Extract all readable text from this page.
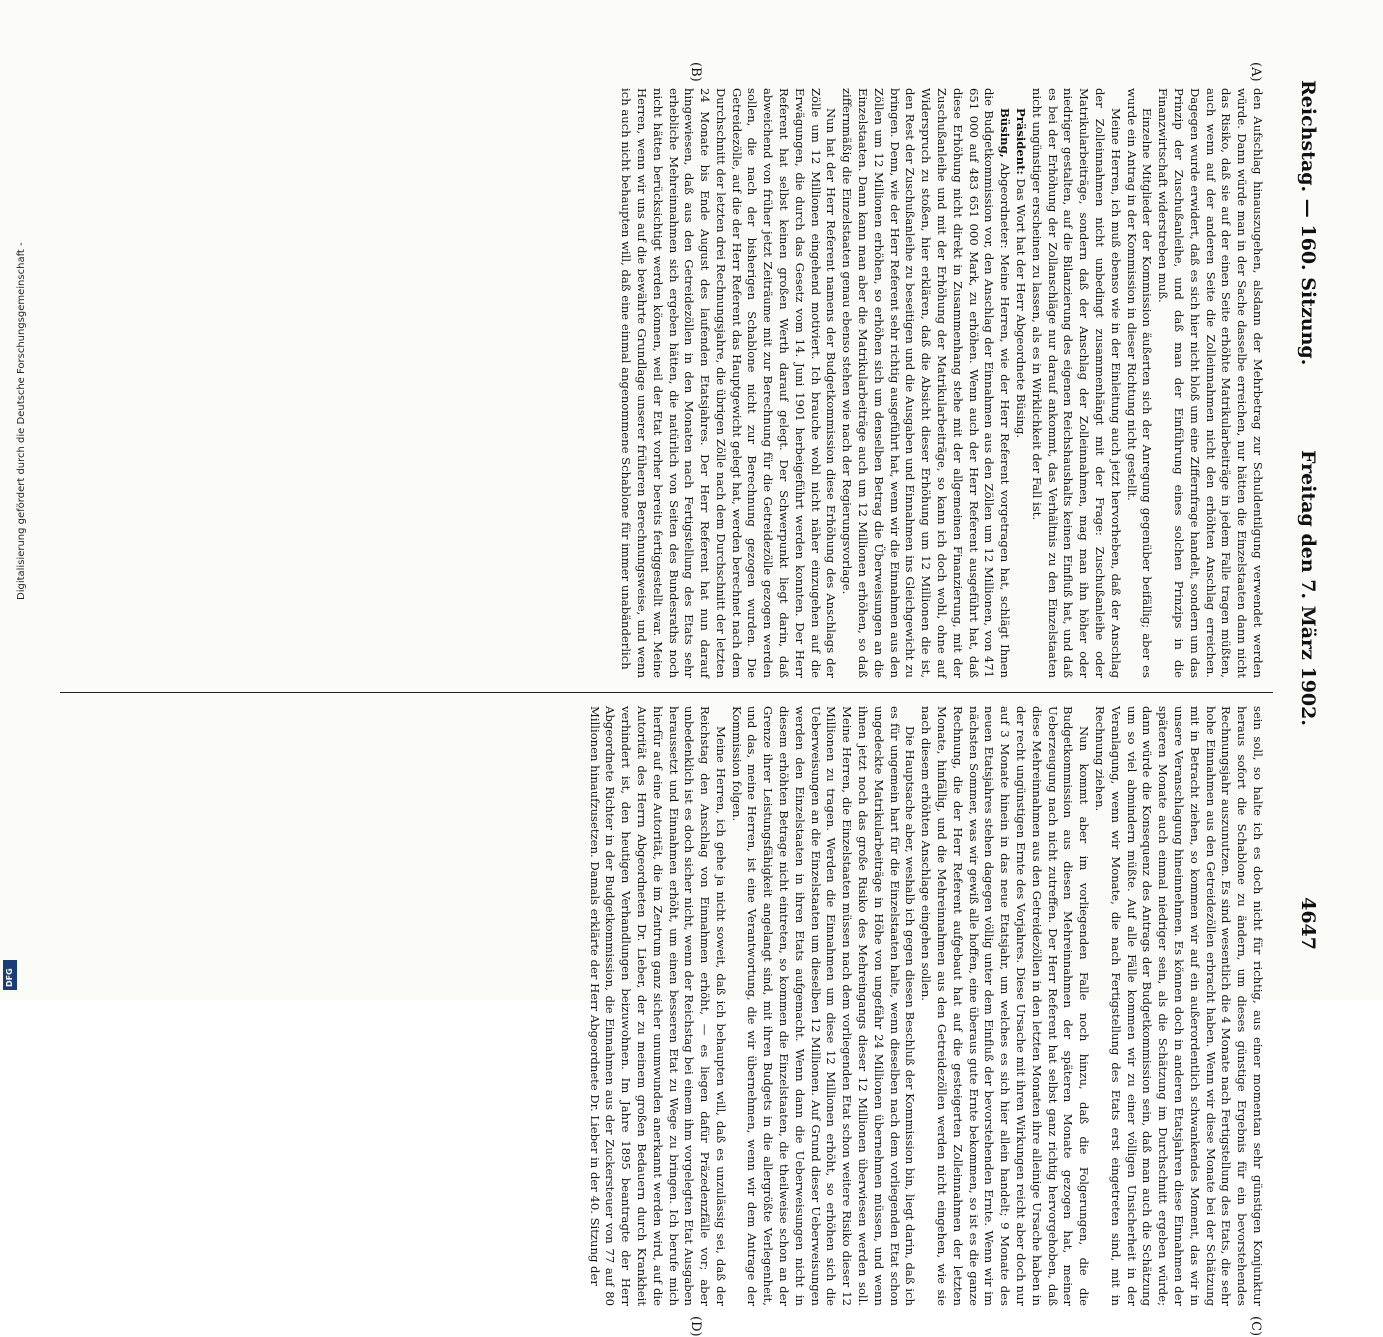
Digitalisierung gefördert durch die Deutsche Forschungsgemeinschaft -
DFG
Reichstag. — 160. Sitzung.
Freitag den 7. März 1902.
4647
(A)
(B)
(C)
(D)

den Aufschlag hinauszugehen, alsdann der Mehrbetrag zur Schuldentilgung verwendet werden würde. Dann würde man in der Sache dasselbe erreichen, nur hätten die Einzelstaaten dann nicht das Risiko, daß sie auf der einen Seite erhöhte Matrikularbeiträge in jedem Falle tragen müßten, auch wenn auf der anderen Seite die Zolleinnahmen nicht den erhöhten Anschlag erreichen. Dagegen wurde erwidert, daß es sich hier nicht bloß um eine Ziffernfrage handelt, sondern um das Prinzip der Zuschußanleihe, und daß man der Einführung eines solchen Prinzips in die Finanzwirtschaft widerstreben muß.

Einzelne Mitglieder der Kommission äußerten sich der Anregung gegenüber beifällig; aber es wurde ein Antrag in der Kommission in dieser Richtung nicht gestellt.

Meine Herren, ich muß ebenso wie in der Einleitung auch jetzt hervorheben, daß der Anschlag der Zolleinnahmen nicht unbedingt zusammenhängt mit der Frage: Zuschußanleihe oder Matrikularbeiträge, sondern daß der Anschlag der Zolleinnahmen, mag man ihn höher oder niedriger gestalten, auf die Bilanzierung des eigenen Reichshaushalts keinen Einfluß hat, und daß es bei der Erhöhung der Zollanschläge nur darauf ankommt, das Verhältnis zu den Einzelstaaten nicht ungünstiger erscheinen zu lassen, als es in Wirklichkeit der Fall ist.

Präsident: Das Wort hat der Herr Abgeordnete Büsing.

Büsing, Abgeordneter: Meine Herren, wie der Herr Referent vorgetragen hat, schlägt Ihnen die Budgetkommission vor, den Anschlag der Einnahmen aus den Zöllen um 12 Millionen, von 471 651 000 auf 483 651 000 Mark, zu erhöhen. Wenn auch der Herr Referent ausgeführt hat, daß diese Erhöhung nicht direkt in Zusammenhang stehe mit der allgemeinen Finanzierung, mit der Zuschußanleihe und mit der Erhöhung der Matrikularbeiträge, so kann ich doch wohl, ohne auf Widerspruch zu stoßen, hier erklären, daß die Absicht dieser Erhöhung um 12 Millionen die ist, den Rest der Zuschußanleihe zu beseitigen und die Ausgaben und Einnahmen ins Gleichgewicht zu bringen. Denn, wie der Herr Referent sehr richtig ausgeführt hat, wenn wir die Einnahmen aus den Zöllen um 12 Millionen erhöhen, so erhöhen sich um denselben Betrag die Überweisungen an die Einzelstaaten. Dann kann man aber die Matrikularbeiträge auch um 12 Millionen erhöhen, so daß ziffernmäßig die Einzelstaaten genau ebenso stehen wie nach der Regierungsvorlage.

Nun hat der Herr Referent namens der Budgetkommission diese Erhöhung des Anschlags der Zölle um 12 Millionen eingehend motiviert. Ich brauche wohl nicht näher einzugehen auf die Erwägungen, die durch das Gesetz vom 14. Juni 1901 herbeigeführt werden konnten. Der Herr Referent hat selbst keinen großen Werth darauf gelegt. Der Schwerpunkt liegt darin, daß abweichend von früher jetzt Zeiträume mit zur Berechnung für die Getreidezölle gezogen werden sollen, die nach der bisherigen Schablone nicht zur Berechnung gezogen wurden. Die Getreidezölle, auf die der Herr Referent das Hauptgewicht gelegt hat, werden berechnet nach dem Durchschnitt der letzten drei Rechnungsjahre, die übrigen Zölle nach dem Durchschnitt der letzten 24 Monate bis Ende August des laufenden Etatsjahres. Der Herr Referent hat nun darauf hingewiesen, daß aus den Getreidezöllen in den Monaten nach Fertigstellung des Etats sehr erhebliche Mehreinnahmen sich ergeben hätten, die natürlich von Seiten des Bundesraths noch nicht hätten berücksichtigt werden können, weil der Etat vorher bereits fertiggestellt war. Meine Herren, wenn wir uns auf die bewährte Grundlage unserer früheren Berechnungsweise, und wenn ich auch nicht behaupten will, daß eine einmal angenommene Schablone für immer unabänderlich

sein soll, so halte ich es doch nicht für richtig, aus einer momentan sehr günstigen Konjunktur heraus sofort die Schablone zu ändern, um dieses günstige Ergebnis für ein bevorstehendes Rechnungsjahr auszunutzen. Es sind wesentlich die 4 Monate nach Fertigstellung des Etats, die sehr hohe Einnahmen aus den Getreidezöllen erbracht haben. Wenn wir diese Monate bei der Schätzung mit in Betracht ziehen, so kommen wir auf ein außerordentlich schwankendes Moment, das wir in unsere Veranschlagung hineinnehmen. Es können doch in anderen Etatsjahren diese Einnahmen der späteren Monate auch einmal niedriger sein, als die Schätzung im Durchschnitt ergeben würde; dann würde die Konsequenz des Antrags der Budgetkommission sein, daß man auch die Schätzung um so viel abmindern müßte. Auf alle Fälle kommen wir zu einer völligen Unsicherheit in der Veranlagung, wenn wir Monate, die nach Fertigstellung des Etats erst eingetreten sind, mit in Rechnung ziehen.

Nun kommt aber im vorliegenden Falle noch hinzu, daß die Folgerungen, die die Budgetkommission aus diesen Mehreinnahmen der späteren Monate gezogen hat, meiner Ueberzeugung nach nicht zutreffen. Der Herr Referent hat selbst ganz richtig hervorgehoben, daß diese Mehreinnahmen aus den Getreidezöllen in den letzten Monaten ihre alleinige Ursache haben in der recht ungünstigen Ernte des Vorjahres. Diese Ursache mit ihren Wirkungen reicht aber doch nur auf 3 Monate hinein in das neue Etatsjahr, um welches es sich hier allein handelt; 9 Monate des neuen Etatsjahres stehen dagegen völlig unter dem Einfluß der bevorstehenden Ernte. Wenn wir im nächsten Sommer, was wir gewiß alle hoffen, eine überaus gute Ernte bekommen, so ist es die ganze Rechnung, die der Herr Referent aufgebaut hat auf die gesteigerten Zolleinnahmen der letzten Monate, hinfällig, und die Mehreinnahmen aus den Getreidezöllen werden nicht eingehen, wie sie nach diesem erhöhten Anschlage eingehen sollen.

Die Hauptsache aber, weshalb ich gegen diesen Beschluß der Kommission bin, liegt darin, daß ich es für ungemein hart für die Einzelstaaten halte, wenn dieselben nach dem vorliegenden Etat schon ungedeckte Matrikularbeiträge in Höhe von ungefähr 24 Millionen übernehmen müssen, und wenn ihnen jetzt noch das große Risiko des Mehreingangs dieser 12 Millionen überwiesen werden soll. Meine Herren, die Einzelstaaten müssen nach dem vorliegenden Etat schon weitere Risiko dieser 12 Millionen zu tragen. Werden die Einnahmen um diese 12 Millionen erhöht, so erhöhen sich die Ueberweisungen an die Einzelstaaten um dieselben 12 Millionen. Auf Grund dieser Ueberweisungen werden den Einzelstaaten in ihren Etats aufgemacht. Wenn dann die Ueberweisungen nicht in diesem erhöhten Betrage nicht eintreten, so kommen die Einzelstaaten, die theilweise schon an der Grenze ihrer Leistungsfähigkeit angelangt sind, mit ihren Budgets in die allergrößte Verlegenheit, und das, meine Herren, ist eine Verantwortung, die wir übernehmen, wenn wir dem Antrage der Kommission folgen.

Meine Herren, ich gehe ja nicht soweit, daß ich behaupten will, daß es unzulässig sei, daß der Reichstag den Anschlag von Einnahmen erhöht, — es liegen dafür Präzedenzfälle vor; aber unbedenklich ist es doch sicher nicht, wenn der Reichstag bei einem ihm vorgelegten Etat Ausgaben heraussetzt und Einnahmen erhöht, um einen besseren Etat zu Wege zu bringen. Ich berufe mich hierfür auf eine Autorität, die im Zentrum ganz sicher unumwunden anerkannt werden wird, auf die Autorität des Herrn Abgeordneten Dr. Lieber, der zu meinem großen Bedauern durch Krankheit verhindert ist, den heutigen Verhandlungen beizuwohnen. Im Jahre 1895 beantragte der Herr Abgeordnete Richter in der Budgetkommission, die Einnahmen aus der Zuckersteuer von 77 auf 80 Millionen hinaufzusetzen. Damals erklärte der Herr Abgeordnete Dr. Lieber in der 40. Sitzung der
